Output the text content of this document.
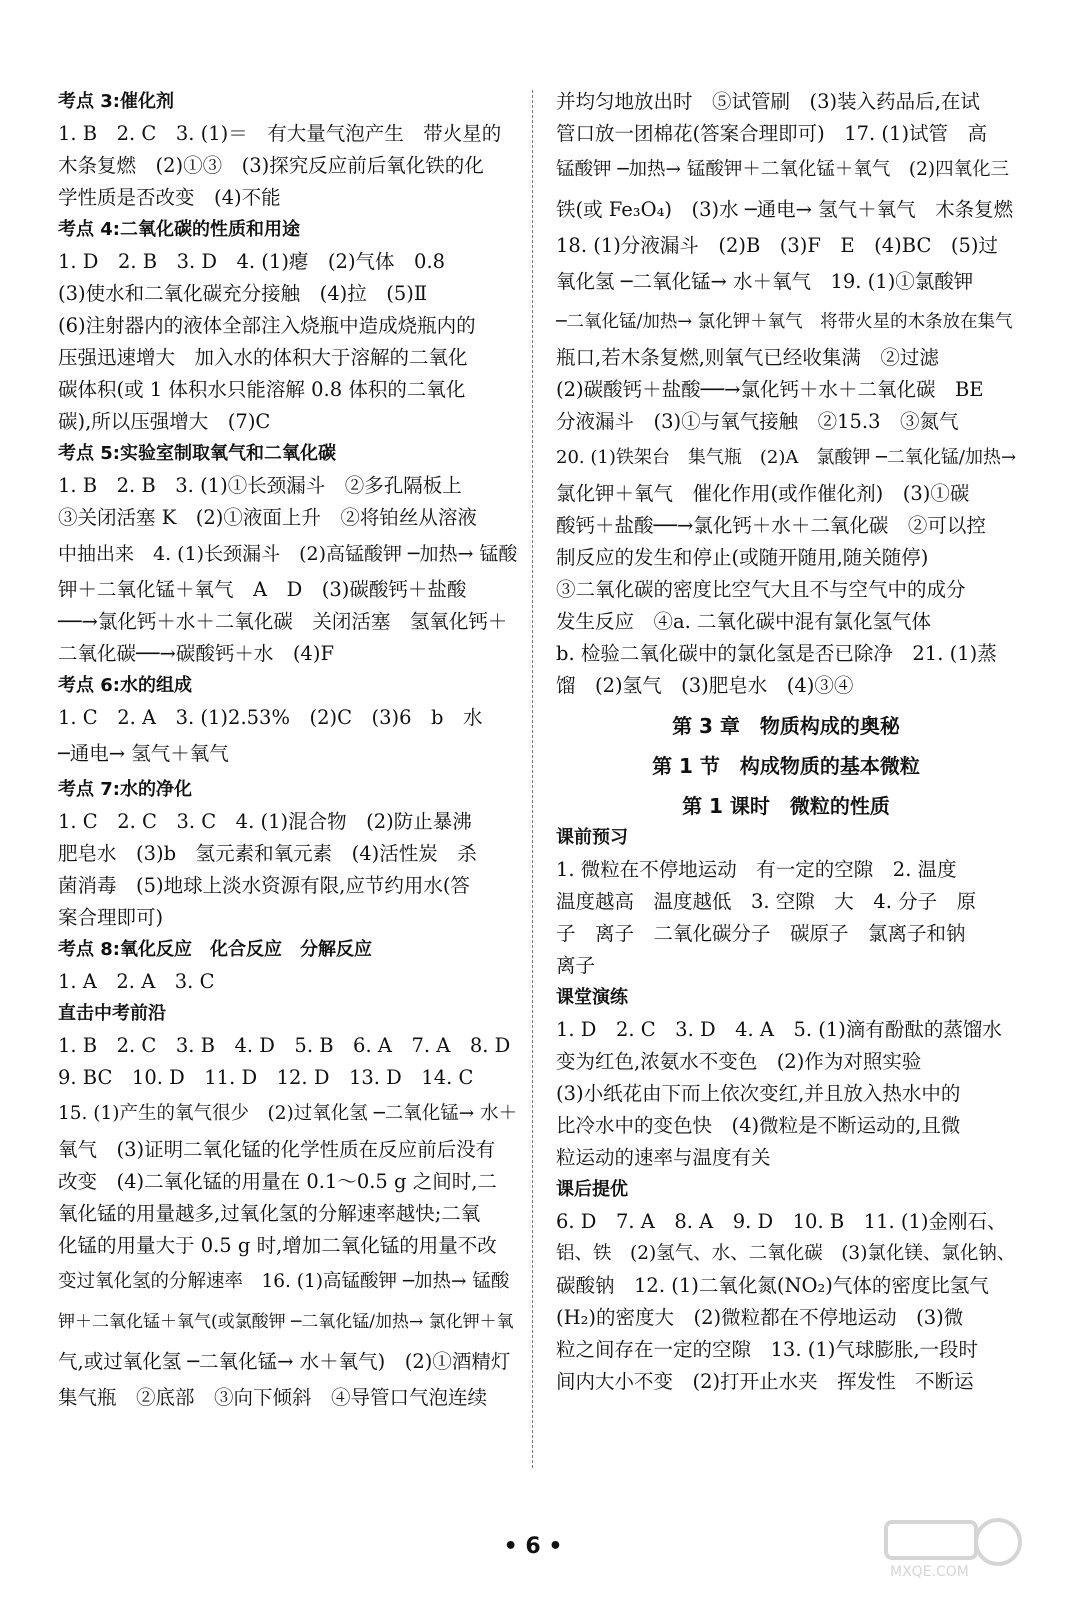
考点 3:催化剂
1. B　2. C　3. (1)＝　有大量气泡产生　带火星的
木条复燃　(2)①③　(3)探究反应前后氧化铁的化
学性质是否改变　(4)不能
考点 4:二氧化碳的性质和用途
1. D　2. B　3. D　4. (1)瘪　(2)气体　0.8
(3)使水和二氧化碳充分接触　(4)拉　(5)Ⅱ
(6)注射器内的液体全部注入烧瓶中造成烧瓶内的
压强迅速增大　加入水的体积大于溶解的二氧化
碳体积(或 1 体积水只能溶解 0.8 体积的二氧化
碳),所以压强增大　(7)C
考点 5:实验室制取氧气和二氧化碳
1. B　2. B　3. (1)①长颈漏斗　②多孔隔板上
③关闭活塞 K　(2)①液面上升　②将铂丝从溶液
中抽出来　4. (1)长颈漏斗　(2)高锰酸钾 ─加热→ 锰酸
钾＋二氧化锰＋氧气　A　D　(3)碳酸钙＋盐酸
──→氯化钙＋水＋二氧化碳　关闭活塞　氢氧化钙＋
二氧化碳──→碳酸钙＋水　(4)F
考点 6:水的组成
1. C　2. A　3. (1)2.53%　(2)C　(3)6　b　水
─通电→ 氢气＋氧气
考点 7:水的净化
1. C　2. C　3. C　4. (1)混合物　(2)防止暴沸
肥皂水　(3)b　氢元素和氧元素　(4)活性炭　杀
菌消毒　(5)地球上淡水资源有限,应节约用水(答
案合理即可)
考点 8:氧化反应　化合反应　分解反应
1. A　2. A　3. C
直击中考前沿
1. B　2. C　3. B　4. D　5. B　6. A　7. A　8. D
9. BC　10. D　11. D　12. D　13. D　14. C
15. (1)产生的氧气很少　(2)过氧化氢 ─二氧化锰→ 水＋
氧气　(3)证明二氧化锰的化学性质在反应前后没有
改变　(4)二氧化锰的用量在 0.1～0.5 g 之间时,二
氧化锰的用量越多,过氧化氢的分解速率越快;二氧
化锰的用量大于 0.5 g 时,增加二氧化锰的用量不改
变过氧化氢的分解速率　16. (1)高锰酸钾 ─加热→ 锰酸
钾＋二氧化锰＋氧气(或氯酸钾 ─二氧化锰/加热→ 氯化钾＋氧
气,或过氧化氢 ─二氧化锰→ 水＋氧气)　(2)①酒精灯
集气瓶　②底部　③向下倾斜　④导管口气泡连续
并均匀地放出时　⑤试管刷　(3)装入药品后,在试
管口放一团棉花(答案合理即可)　17. (1)试管　高
锰酸钾 ─加热→ 锰酸钾＋二氧化锰＋氧气　(2)四氧化三
铁(或 Fe₃O₄)　(3)水 ─通电→ 氢气＋氧气　木条复燃
18. (1)分液漏斗　(2)B　(3)F　E　(4)BC　(5)过
氧化氢 ─二氧化锰→ 水＋氧气　19. (1)①氯酸钾
─二氧化锰/加热→ 氯化钾＋氧气　将带火星的木条放在集气
瓶口,若木条复燃,则氧气已经收集满　②过滤
(2)碳酸钙＋盐酸──→氯化钙＋水＋二氧化碳　BE
分液漏斗　(3)①与氧气接触　②15.3　③氮气
20. (1)铁架台　集气瓶　(2)A　氯酸钾 ─二氧化锰/加热→
氯化钾＋氧气　催化作用(或作催化剂)　(3)①碳
酸钙＋盐酸──→氯化钙＋水＋二氧化碳　②可以控
制反应的发生和停止(或随开随用,随关随停)
③二氧化碳的密度比空气大且不与空气中的成分
发生反应　④a. 二氧化碳中混有氯化氢气体
b. 检验二氧化碳中的氯化氢是否已除净　21. (1)蒸
馏　(2)氢气　(3)肥皂水　(4)③④
第 3 章　物质构成的奥秘
第 1 节　构成物质的基本微粒
第 1 课时　微粒的性质
课前预习
1. 微粒在不停地运动　有一定的空隙　2. 温度
温度越高　温度越低　3. 空隙　大　4. 分子　原
子　离子　二氧化碳分子　碳原子　氯离子和钠
离子
课堂演练
1. D　2. C　3. D　4. A　5. (1)滴有酚酞的蒸馏水
变为红色,浓氨水不变色　(2)作为对照实验
(3)小纸花由下而上依次变红,并且放入热水中的
比冷水中的变色快　(4)微粒是不断运动的,且微
粒运动的速率与温度有关
课后提优
6. D　7. A　8. A　9. D　10. B　11. (1)金刚石、
铝、铁　(2)氢气、水、二氧化碳　(3)氯化镁、氯化钠、
碳酸钠　12. (1)二氧化氮(NO₂)气体的密度比氢气
(H₂)的密度大　(2)微粒都在不停地运动　(3)微
粒之间存在一定的空隙　13. (1)气球膨胀,一段时
间内大小不变　(2)打开止水夹　挥发性　不断运
• 6 •
MXQE.COM
